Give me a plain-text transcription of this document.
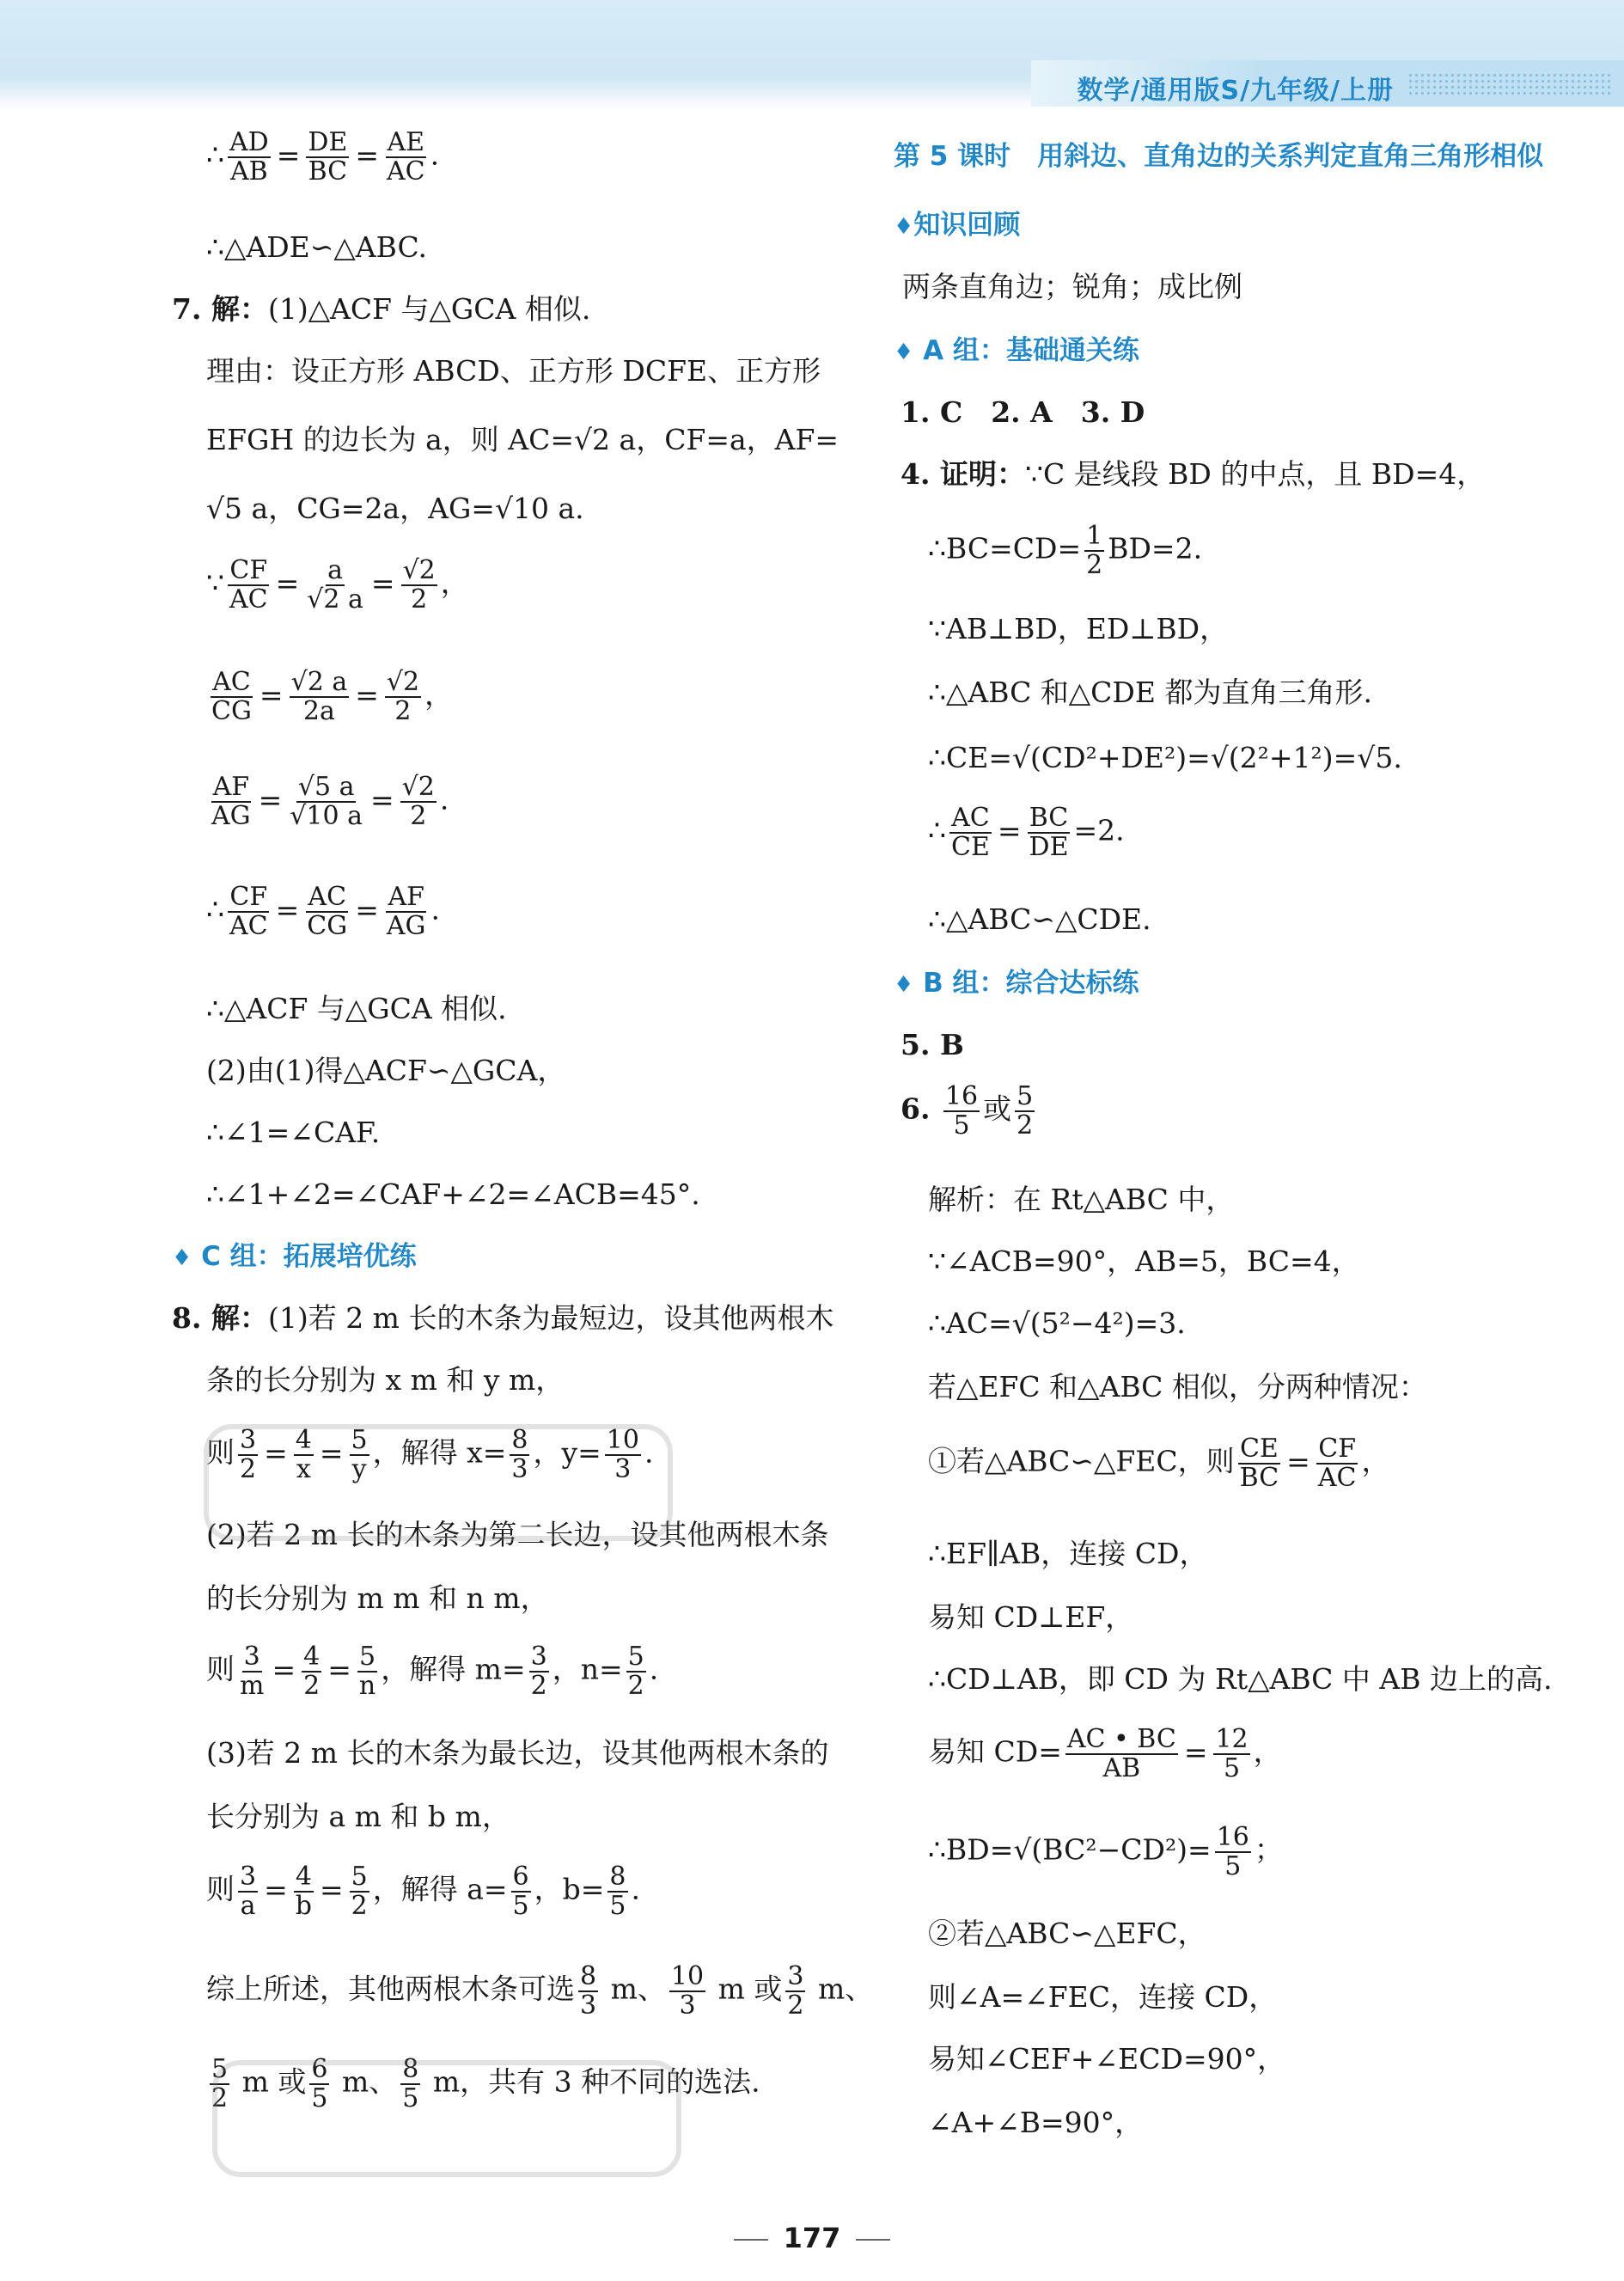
数学/通用版S/九年级/上册
∴ $\frac{AD}{AB} = \frac{DE}{BC} = \frac{AE}{AC}$ .
∴△ADE∽△ABC.
7. 解：(1)△ACF 与△GCA 相似.
理由：设正方形 ABCD、正方形 DCFE、正方形
EFGH 的边长为 a，则 AC=√2 a，CF=a，AF=
√5 a，CG=2a，AG=√10 a.
∵ $\frac{CF}{AC} = \frac{a}{√2 a} = \frac{√2}{2}$ ，
$\frac{AC}{CG} = \frac{√2 a}{2a} = \frac{√2}{2}$ ，
$\frac{AF}{AG} = \frac{√5 a}{√10 a} = \frac{√2}{2}$ .
∴ $\frac{CF}{AC} = \frac{AC}{CG} = \frac{AF}{AG}$ .
∴△ACF 与△GCA 相似.
(2)由(1)得△ACF∽△GCA，
∴∠1=∠CAF.
∴∠1+∠2=∠CAF+∠2=∠ACB=45°.
♦ C 组：拓展培优练
8. 解：(1)若 2 m 长的木条为最短边，设其他两根木
条的长分别为 x m 和 y m，
则 $\frac{3}{2} = \frac{4}{x} = \frac{5}{y}$ ，解得 $x= \frac{8}{3}$ ，$y= \frac{10}{3}$ .
(2)若 2 m 长的木条为第二长边，设其他两根木条
的长分别为 m m 和 n m，
则 $\frac{3}{m} = \frac{4}{2} = \frac{5}{n}$ ，解得 $m= \frac{3}{2}$ ，$n= \frac{5}{2}$ .
(3)若 2 m 长的木条为最长边，设其他两根木条的
长分别为 a m 和 b m，
则 $\frac{3}{a} = \frac{4}{b} = \frac{5}{2}$ ，解得 $a= \frac{6}{5}$ ，$b= \frac{8}{5}$ .
综上所述，其他两根木条可选 $\frac{8}{3}$ m、 $\frac{10}{3}$ m 或 $\frac{3}{2}$ m、
$\frac{5}{2}$ m 或 $\frac{6}{5}$ m、 $\frac{8}{5}$ m，共有 3 种不同的选法.
第 5 课时　用斜边、直角边的关系判定直角三角形相似
♦知识回顾
两条直角边；锐角；成比例
♦ A 组：基础通关练
1. C　2. A　3. D
4. 证明：∵C 是线段 BD 的中点，且 BD=4，
∴BC=CD= $\frac{1}{2} BD=2$.
∵AB⊥BD，ED⊥BD，
∴△ABC 和△CDE 都为直角三角形.
∴CE=√(CD²+DE²)=√(2²+1²)=√5.
∴ $\frac{AC}{CE} = \frac{BC}{DE} =2$.
∴△ABC∽△CDE.
♦ B 组：综合达标练
5. B
6. $\frac{16}{5}$ 或 $\frac{5}{2}$
解析：在 Rt△ABC 中，
∵∠ACB=90°，AB=5，BC=4，
∴AC=√(5²−4²)=3.
若△EFC 和△ABC 相似，分两种情况：
①若△ABC∽△FEC，则 $\frac{CE}{BC} = \frac{CF}{AC}$ ，
∴EF∥AB，连接 CD，
易知 CD⊥EF，
∴CD⊥AB，即 CD 为 Rt△ABC 中 AB 边上的高.
易知 $CD= \frac{AC • BC}{AB} = \frac{12}{5}$ ，
∴BD=√(BC²−CD²)= $\frac{16}{5}$ ；
②若△ABC∽△EFC，
则∠A=∠FEC，连接 CD，
易知∠CEF+∠ECD=90°，
∠A+∠B=90°，
177
